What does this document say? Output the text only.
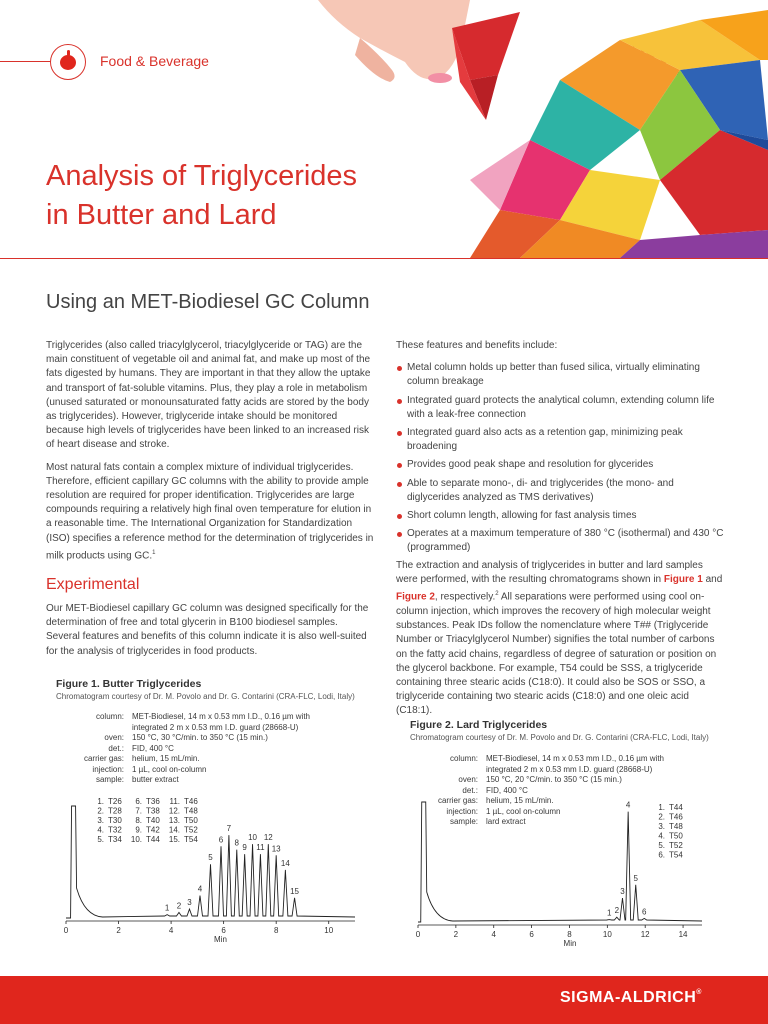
Food & Beverage
Analysis of Triglycerides
in Butter and Lard
Using an MET-Biodiesel GC Column

Triglycerides (also called triacylglycerol, triacylglyceride or TAG) are the main constituent of vegetable oil and animal fat, and make up most of the fats digested by humans. They are important in that they allow the uptake and transport of fat-soluble vitamins. Plus, they play a role in metabolism (unused saturated or monounsaturated fatty acids are stored by the body as triglycerides). However, triglyceride intake should be monitored because high levels of triglycerides have been linked to an increased risk of heart disease and stroke.

Most natural fats contain a complex mixture of individual triglycerides. Therefore, efficient capillary GC columns with the ability to provide ample resolution are required for proper identification. Triglycerides are large compounds requiring a relatively high final oven temperature for elution in a reasonable time. The International Organization for Standardization (ISO) specifies a reference method for the determination of triglycerides in milk products using GC.$^1$

Experimental

Our MET-Biodiesel capillary GC column was designed specifically for the determination of free and total glycerin in B100 biodiesel samples. Several features and benefits of this column indicate it is also well-suited for the analysis of triglycerides in food products.

These features and benefits include:

Metal column holds up better than fused silica, virtually eliminating column breakage
Integrated guard protects the analytical column, extending column life with a leak-free connection
Integrated guard also acts as a retention gap, minimizing peak broadening
Provides good peak shape and resolution for glycerides
Able to separate mono-, di- and triglycerides (the mono- and diglycerides analyzed as TMS derivatives)
Short column length, allowing for fast analysis times
Operates at a maximum temperature of 380 °C (isothermal) and 430 °C (programmed)

The extraction and analysis of triglycerides in butter and lard samples were performed, with the resulting chromatograms shown in Figure 1 and Figure 2, respectively.$^2$ All separations were performed using cool on-column injection, which improves the recovery of high molecular weight substances. Peak IDs follow the nomenclature where T## (Triglyceride Number or Triacylglycerol Number) signifies the total number of carbons on the fatty acid chains, regardless of degree of saturation or position on the glycerol backbone. For example, T54 could be SSS, a triglyceride containing three stearic acids (C18:0). It could also be SOS or SSO, a triglyceride containing two stearic acids (C18:0) and one oleic acid (C18:1).

Figure 1. Butter Triglycerides
Chromatogram courtesy of Dr. M. Povolo and Dr. G. Contarini (CRA-FLC, Lodi, Italy)
column: MET-Biodiesel, 14 m x 0.53 mm I.D., 0.16 µm with
integrated 2 m x 0.53 mm I.D. guard (28668-U)
oven: 150 °C, 30 °C/min. to 350 °C (15 min.)
det.: FID, 400 °C
carrier gas: helium, 15 mL/min.
injection: 1 µL, cool on-column
sample: butter extract
0	2	4	6	8	10
Min
1 2 3
4
5
6
7
8 9
10
11
12
13
14
15
1. T26
2. T28
3. T30
4. T32
5. T34
6. T36
7. T38
8. T40
9. T42
10. T44
11. T46
12. T48
13. T50
14. T52
15. T54
Figure 2. Lard Triglycerides
Chromatogram courtesy of Dr. M. Povolo and Dr. G. Contarini (CRA-FLC, Lodi, Italy)
column: MET-Biodiesel, 14 m x 0.53 mm I.D., 0.16 µm with
integrated 2 m x 0.53 mm I.D. guard (28668-U)
oven: 150 °C, 20 °C/min. to 350 °C (15 min.)
det.: FID, 400 °C
carrier gas: helium, 15 mL/min.
injection: 1 µL, cool on-column
sample: lard extract
0	2	4	6	8	10	12	14
Min
1 2
3
4
5
6
1. T44
2. T46
3. T48
4. T50
5. T52
6. T54
SIGMA-ALDRICH®
